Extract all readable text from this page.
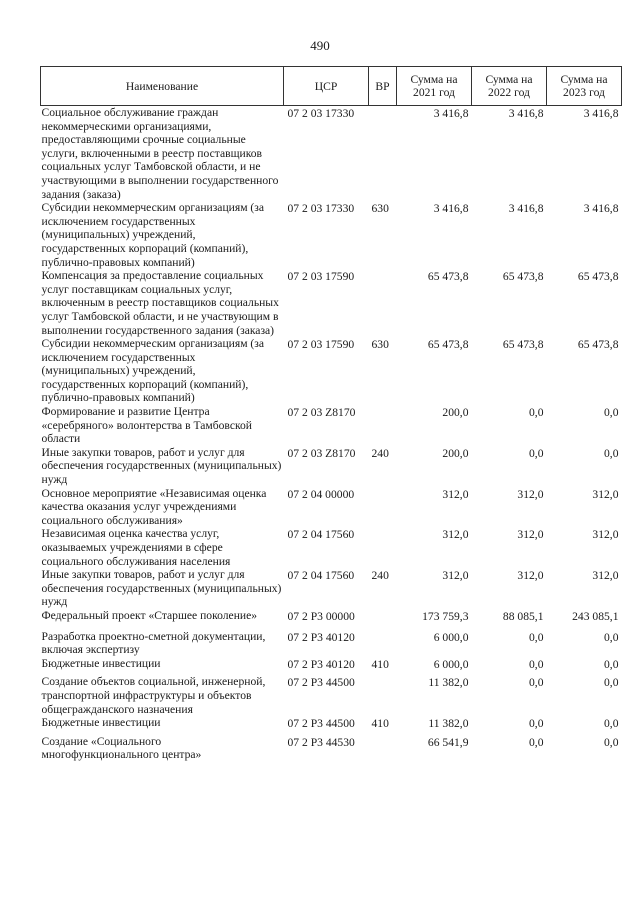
490
Наименование	ЦСР	ВР	Сумма на 2021 год	Сумма на 2022 год	Сумма на 2023 год
Социальное обслуживание граждан некоммерческими организациями, предоставляющими срочные социальные услуги, включенными в реестр поставщиков социальных услуг Тамбовской области, и не участвующими в выполнении государственного задания (заказа)	07 2 03 17330		3 416,8	3 416,8	3 416,8
Субсидии некоммерческим организациям (за исключением государственных (муниципальных) учреждений, государственных корпораций (компаний), публично-правовых компаний)	07 2 03 17330	630	3 416,8	3 416,8	3 416,8
Компенсация за предоставление социальных услуг поставщикам социальных услуг, включенным в реестр поставщиков социальных услуг Тамбовской области, и не участвующим в выполнении государственного задания (заказа)	07 2 03 17590		65 473,8	65 473,8	65 473,8
Субсидии некоммерческим организациям (за исключением государственных (муниципальных) учреждений, государственных корпораций (компаний), публично-правовых компаний)	07 2 03 17590	630	65 473,8	65 473,8	65 473,8
Формирование и развитие Центра «серебряного» волонтерства в Тамбовской области	07 2 03 Z8170		200,0	0,0	0,0
Иные закупки товаров, работ и услуг для обеспечения государственных (муниципальных) нужд	07 2 03 Z8170	240	200,0	0,0	0,0
Основное мероприятие «Независимая оценка качества оказания услуг учреждениями социального обслуживания»	07 2 04 00000		312,0	312,0	312,0
Независимая оценка качества услуг, оказываемых учреждениями в сфере социального обслуживания населения	07 2 04 17560		312,0	312,0	312,0
Иные закупки товаров, работ и услуг для обеспечения государственных (муниципальных) нужд	07 2 04 17560	240	312,0	312,0	312,0
Федеральный проект «Старшее поколение»	07 2 P3 00000		173 759,3	88 085,1	243 085,1
Разработка проектно-сметной документации, включая экспертизу	07 2 P3 40120		6 000,0	0,0	0,0
Бюджетные инвестиции	07 2 P3 40120	410	6 000,0	0,0	0,0
Создание объектов социальной, инженерной, транспортной инфраструктуры и объектов общегражданского назначения	07 2 P3 44500		11 382,0	0,0	0,0
Бюджетные инвестиции	07 2 P3 44500	410	11 382,0	0,0	0,0
Создание «Социального многофункционального центра»	07 2 P3 44530		66 541,9	0,0	0,0
